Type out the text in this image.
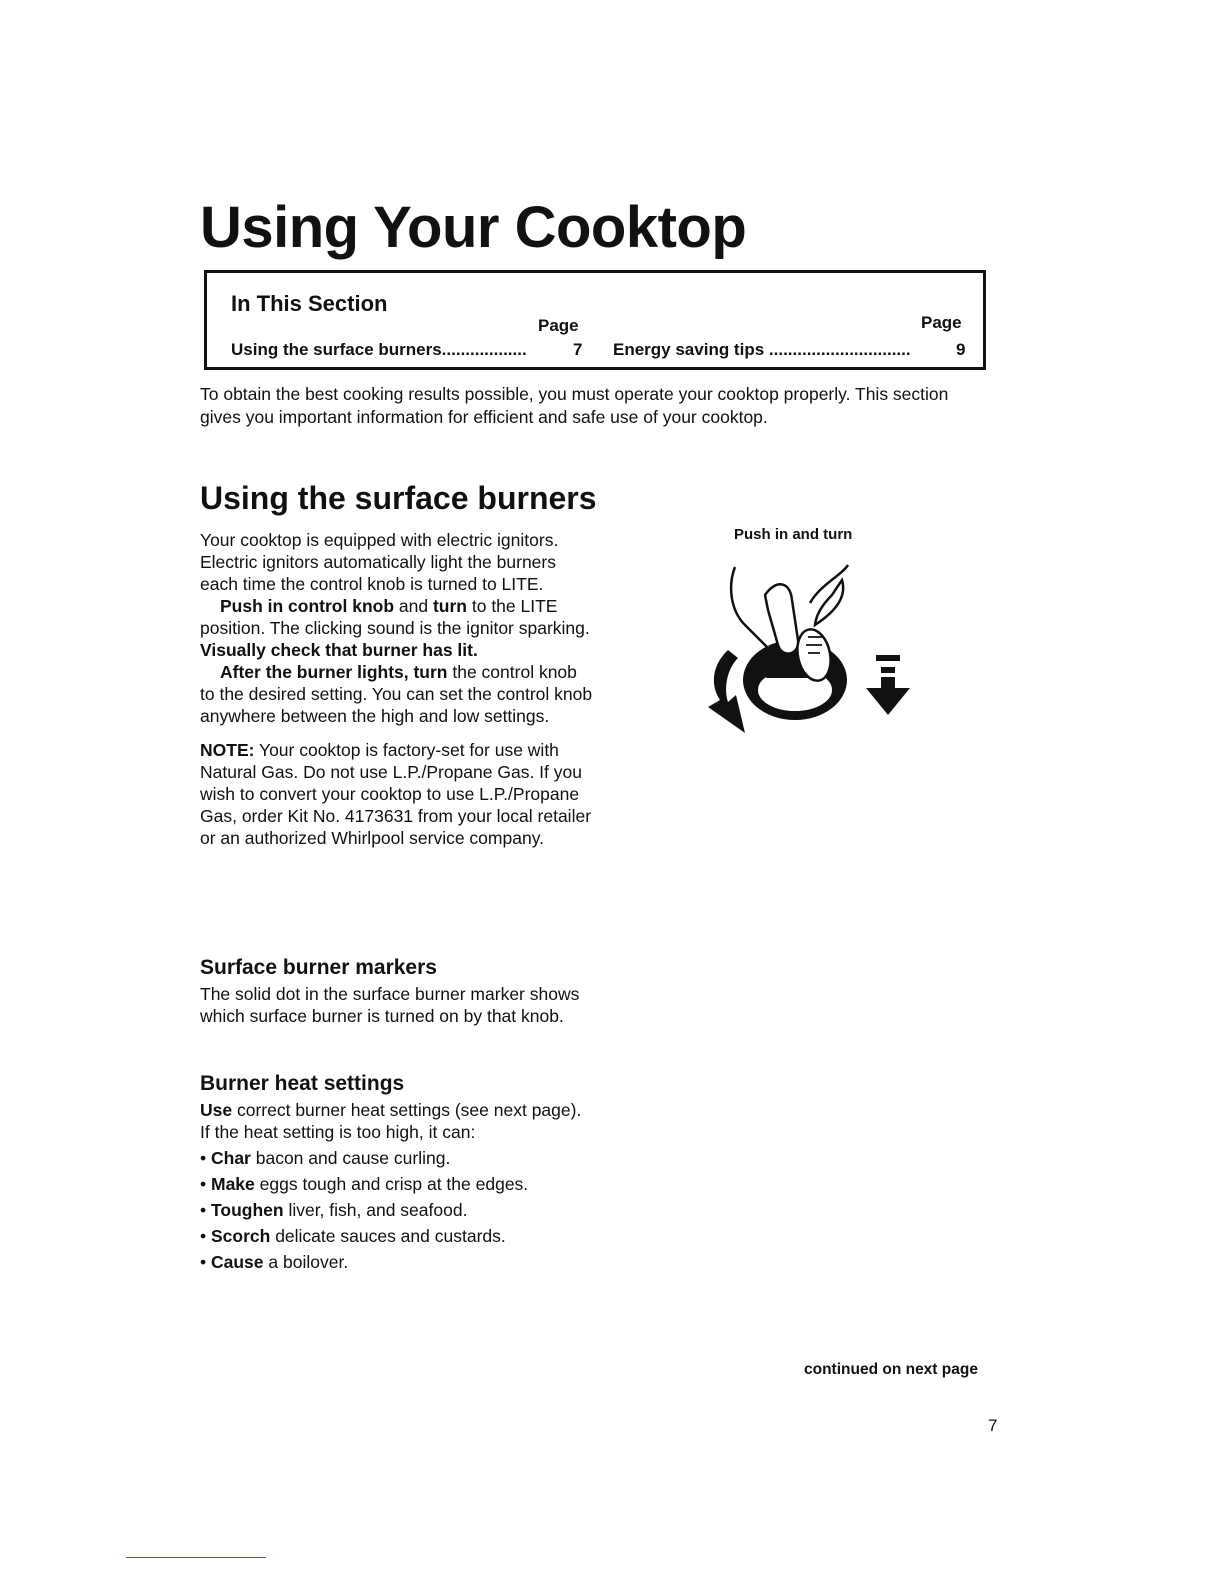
Using Your Cooktop
In This Section
Page	Page
Using the surface burners..................	7 Energy saving tips ..............................	9

To obtain the best cooking results possible, you must operate your cooktop properly. This section gives you important information for efficient and safe use of your cooktop.

Using the surface burners

Your cooktop is equipped with electric ignitors. Electric ignitors automatically light the burners each time the control knob is turned to LITE.

Push in control knob and turn to the LITE position. The clicking sound is the ignitor sparking. Visually check that burner has lit.

After the burner lights, turn the control knob to the desired setting. You can set the control knob anywhere between the high and low settings.

NOTE: Your cooktop is factory-set for use with Natural Gas. Do not use L.P./Propane Gas. If you wish to convert your cooktop to use L.P./Propane Gas, order Kit No. 4173631 from your local retailer or an authorized Whirlpool service company.

Surface burner markers

The solid dot in the surface burner marker shows which surface burner is turned on by that knob.

Burner heat settings

Use correct burner heat settings (see next page). If the heat setting is too high, it can:

• Char bacon and cause curling.
• Make eggs tough and crisp at the edges.
• Toughen liver, fish, and seafood.
• Scorch delicate sauces and custards.
• Cause a boilover.
Push in and turn
continued on next page
7
